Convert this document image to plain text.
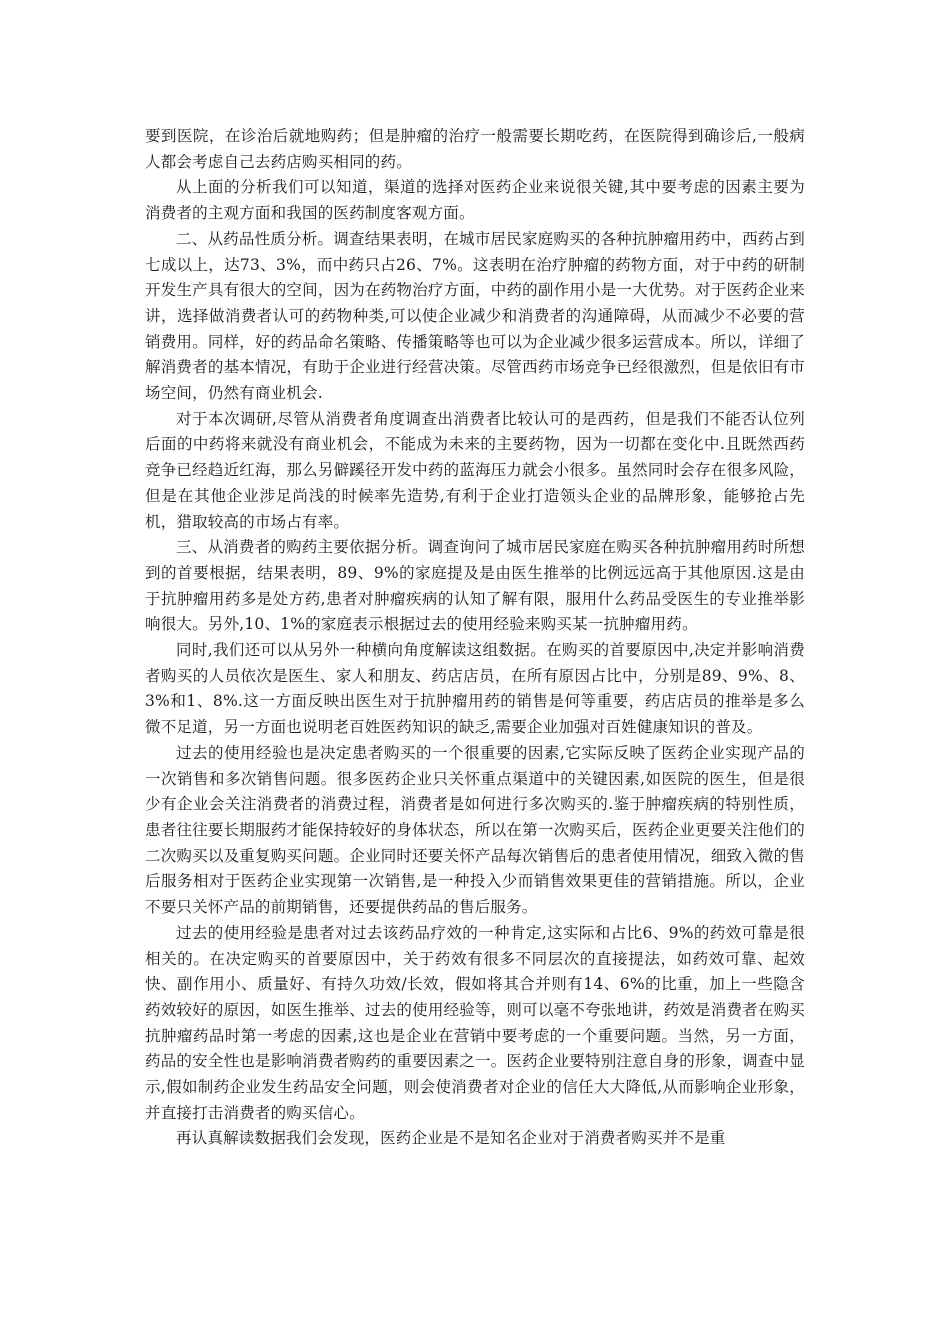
要到医院，在诊治后就地购药；但是肿瘤的治疗一般需要长期吃药，在医院得到确诊后,一般病人都会考虑自己去药店购买相同的药。

从上面的分析我们可以知道，渠道的选择对医药企业来说很关键,其中要考虑的因素主要为消费者的主观方面和我国的医药制度客观方面。

二、从药品性质分析。调查结果表明，在城市居民家庭购买的各种抗肿瘤用药中，西药占到七成以上，达73、3%，而中药只占26、7%。这表明在治疗肿瘤的药物方面，对于中药的研制开发生产具有很大的空间，因为在药物治疗方面，中药的副作用小是一大优势。对于医药企业来讲，选择做消费者认可的药物种类,可以使企业减少和消费者的沟通障碍，从而减少不必要的营销费用。同样，好的药品命名策略、传播策略等也可以为企业减少很多运营成本。所以，详细了解消费者的基本情况，有助于企业进行经营决策。尽管西药市场竞争已经很激烈，但是依旧有市场空间，仍然有商业机会.

对于本次调研,尽管从消费者角度调查出消费者比较认可的是西药，但是我们不能否认位列后面的中药将来就没有商业机会，不能成为未来的主要药物，因为一切都在变化中.且既然西药竞争已经趋近红海，那么另僻蹊径开发中药的蓝海压力就会小很多。虽然同时会存在很多风险，但是在其他企业涉足尚浅的时候率先造势,有利于企业打造领头企业的品牌形象，能够抢占先机，猎取较高的市场占有率。

三、从消费者的购药主要依据分析。调查询问了城市居民家庭在购买各种抗肿瘤用药时所想到的首要根据，结果表明，89、9%的家庭提及是由医生推举的比例远远高于其他原因.这是由于抗肿瘤用药多是处方药,患者对肿瘤疾病的认知了解有限，服用什么药品受医生的专业推举影响很大。另外,10、1%的家庭表示根据过去的使用经验来购买某一抗肿瘤用药。

同时,我们还可以从另外一种横向角度解读这组数据。在购买的首要原因中,决定并影响消费者购买的人员依次是医生、家人和朋友、药店店员，在所有原因占比中，分别是89、9%、8、3%和1、8%.这一方面反映出医生对于抗肿瘤用药的销售是何等重要，药店店员的推举是多么微不足道，另一方面也说明老百姓医药知识的缺乏,需要企业加强对百姓健康知识的普及。

过去的使用经验也是决定患者购买的一个很重要的因素,它实际反映了医药企业实现产品的一次销售和多次销售问题。很多医药企业只关怀重点渠道中的关键因素,如医院的医生，但是很少有企业会关注消费者的消费过程，消费者是如何进行多次购买的.鉴于肿瘤疾病的特别性质，患者往往要长期服药才能保持较好的身体状态，所以在第一次购买后，医药企业更要关注他们的二次购买以及重复购买问题。企业同时还要关怀产品每次销售后的患者使用情况，细致入微的售后服务相对于医药企业实现第一次销售,是一种投入少而销售效果更佳的营销措施。所以，企业不要只关怀产品的前期销售，还要提供药品的售后服务。

过去的使用经验是患者对过去该药品疗效的一种肯定,这实际和占比6、9%的药效可靠是很相关的。在决定购买的首要原因中，关于药效有很多不同层次的直接提法，如药效可靠、起效快、副作用小、质量好、有持久功效/长效，假如将其合并则有14、6%的比重，加上一些隐含药效较好的原因，如医生推举、过去的使用经验等，则可以毫不夸张地讲，药效是消费者在购买抗肿瘤药品时第一考虑的因素,这也是企业在营销中要考虑的一个重要问题。当然，另一方面，药品的安全性也是影响消费者购药的重要因素之一。医药企业要特别注意自身的形象，调查中显示,假如制药企业发生药品安全问题，则会使消费者对企业的信任大大降低,从而影响企业形象，并直接打击消费者的购买信心。

再认真解读数据我们会发现，医药企业是不是知名企业对于消费者购买并不是重
